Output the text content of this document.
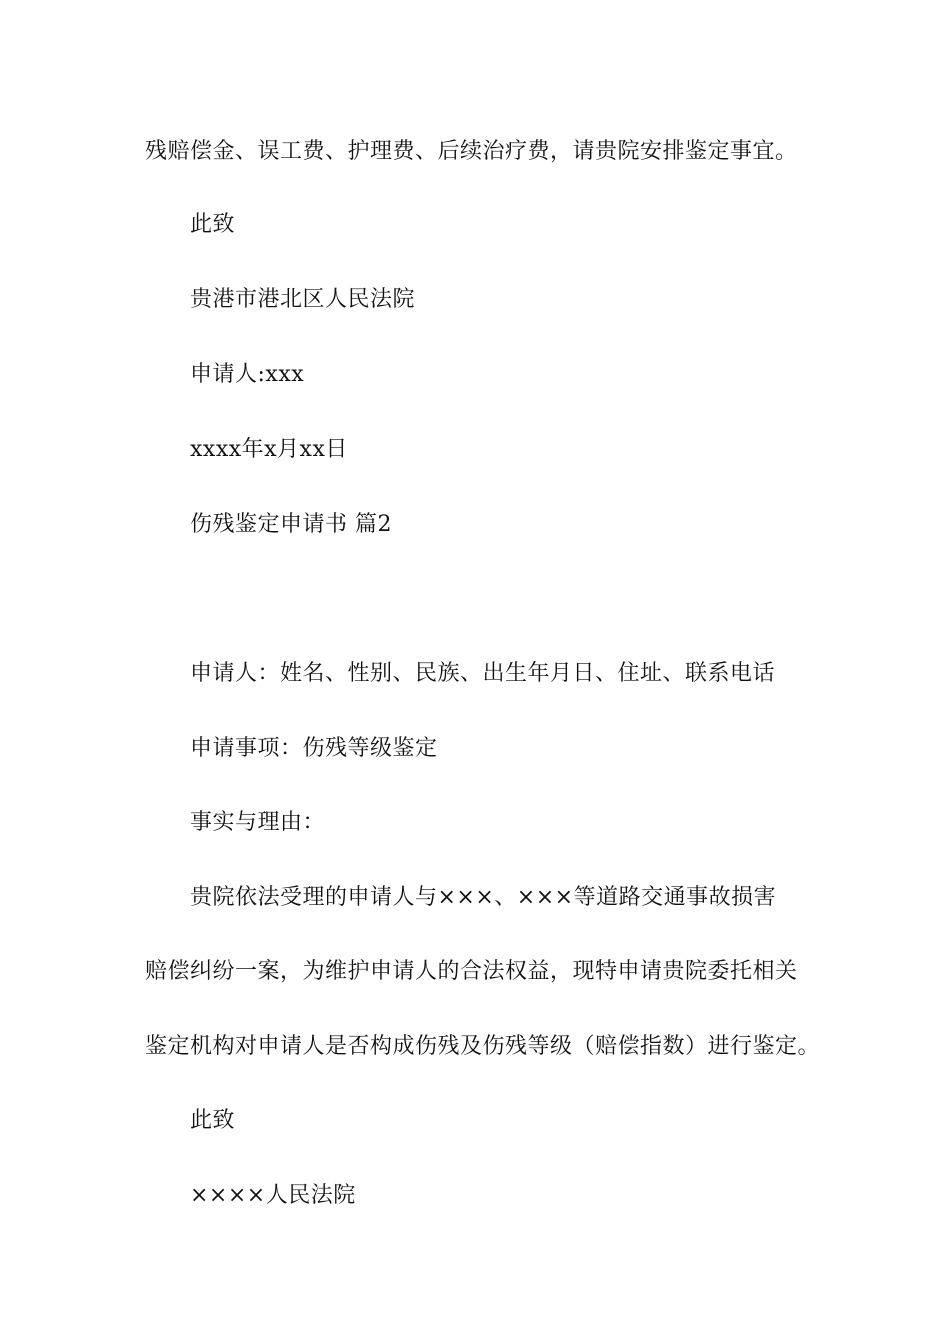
残赔偿金、误工费、护理费、后续治疗费，请贵院安排鉴定事宜。
此致
贵港市港北区人民法院
申请人:xxx
xxxx年x月xx日
伤残鉴定申请书 篇2
申请人：姓名、性别、民族、出生年月日、住址、联系电话
申请事项：伤残等级鉴定
事实与理由：
贵院依法受理的申请人与×××、×××等道路交通事故损害
赔偿纠纷一案，为维护申请人的合法权益，现特申请贵院委托相关
鉴定机构对申请人是否构成伤残及伤残等级（赔偿指数）进行鉴定。
此致
××××人民法院
